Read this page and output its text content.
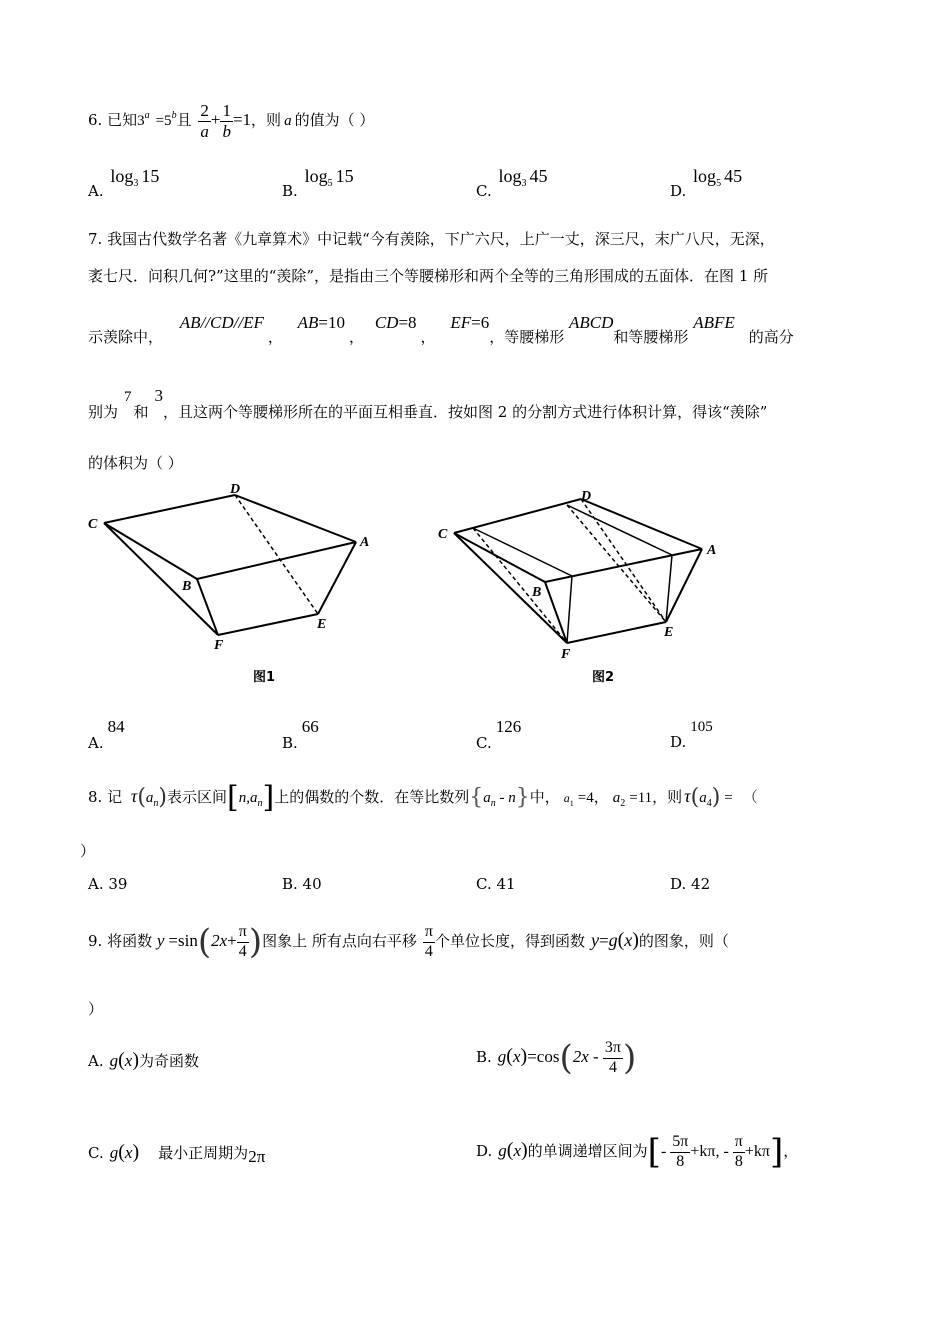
6. 已知$3^a =5^b$且 $\frac{2}{a} + \frac{1}{b} =1$，则 a 的值为（ ）
A. $\log_3 15$
B. $\log_5 15$
C. $\log_3 45$
D. $\log_5 45$
7. 我国古代数学名著《九章算术》中记载“今有羡除，下广六尺，上广一丈，深三尺，末广八尺，无深，
袤七尺．问积几何?”这里的“羡除”，是指由三个等腰梯形和两个全等的三角形围成的五面体．在图 1 所
示羡除中， AB//CD//EF， AB=10， CD=8， EF=6，等腰梯形 ABCD和等腰梯形 ABFE的高分
别为7和3，且这两个等腰梯形所在的平面互相垂直．按如图 2 的分割方式进行体积计算，得该“羡除”
的体积为（ ）
C
D
A
B
F
E
图1
C
D
A
B
F
E
图2
A.84
B.66
C.126
D.105
8. 记 $\tau(a_n)$表示区间$[n,a_n]$上的偶数的个数．在等比数列$\{a_n - n\}$中， $a_1 =4$， $a_2 =11$，则 $\tau(a_4)$ = （
）
A. 39	B. 40	C. 41	D. 42
9. 将函数 $y =\sin(2x+ \frac{\pi}{4}$ )图象上 所有点向右平移 $\frac{\pi}{4}$ 个单位长度，得到函数 y=g(x)的图象，则（
）
A. g(x)为奇函数	B. $g(x)=\cos(2x - \frac{3\pi}{4}$ )
C. g(x)    最小正周期为2π	D. g(x)的单调递增区间为[- $\frac{5\pi}{8} +k\pi$, - $\frac{\pi}{8} +k\pi$]，
